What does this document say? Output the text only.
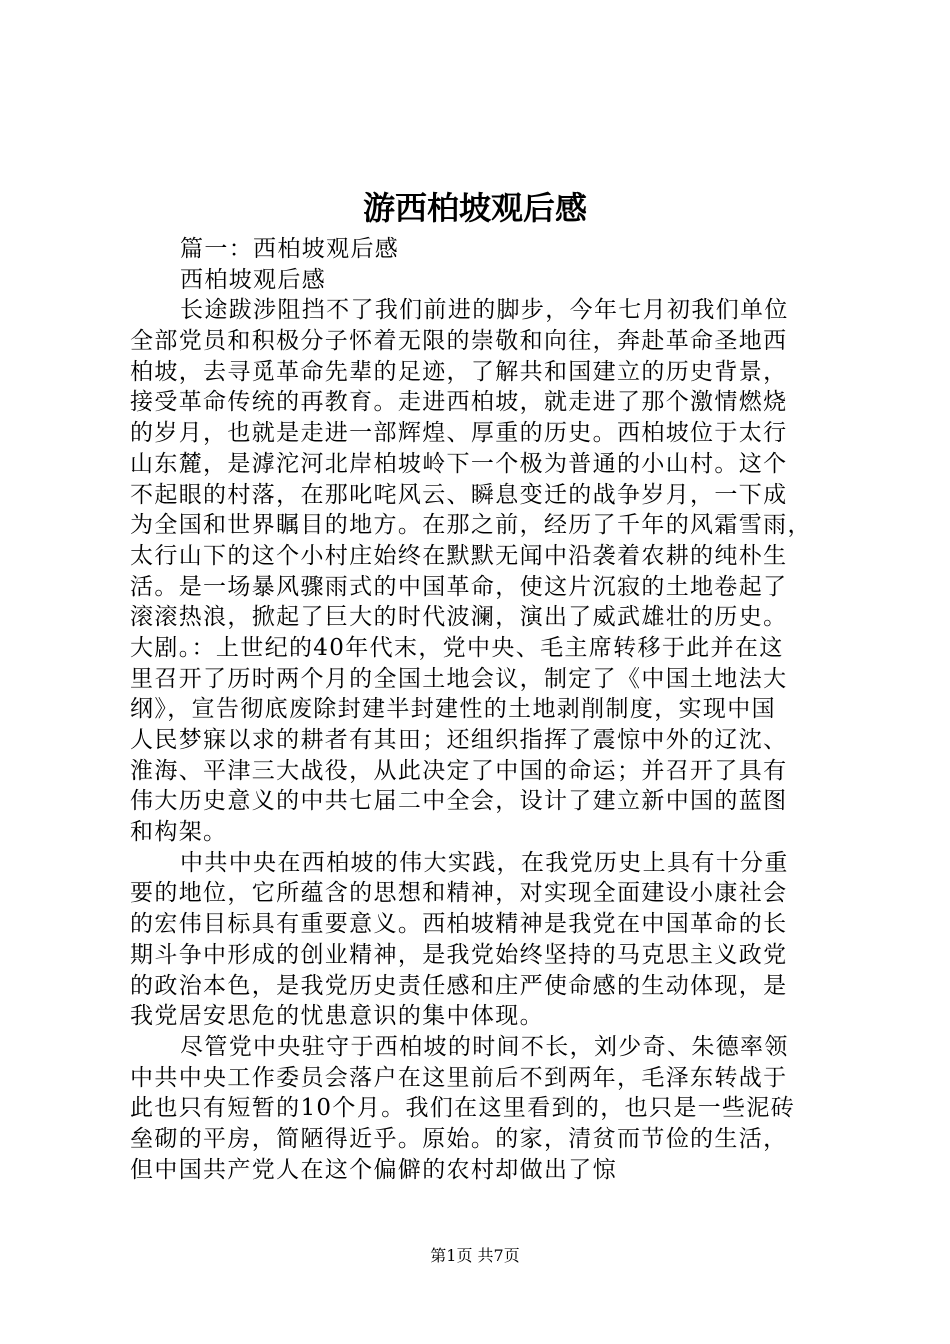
游西柏坡观后感
篇一：西柏坡观后感
西柏坡观后感
长途跋涉阻挡不了我们前进的脚步，今年七月初我们单位
全部党员和积极分子怀着无限的崇敬和向往，奔赴革命圣地西
柏坡，去寻觅革命先辈的足迹，了解共和国建立的历史背景，
接受革命传统的再教育。走进西柏坡，就走进了那个激情燃烧
的岁月，也就是走进一部辉煌、厚重的历史。西柏坡位于太行
山东麓，是滹沱河北岸柏坡岭下一个极为普通的小山村。这个
不起眼的村落，在那叱咤风云、瞬息变迁的战争岁月，一下成
为全国和世界瞩目的地方。在那之前，经历了千年的风霜雪雨，
太行山下的这个小村庄始终在默默无闻中沿袭着农耕的纯朴生
活。是一场暴风骤雨式的中国革命，使这片沉寂的土地卷起了
滚滚热浪，掀起了巨大的时代波澜，演出了威武雄壮的历史。
大剧。：上世纪的40年代末，党中央、毛主席转移于此并在这
里召开了历时两个月的全国土地会议，制定了《中国土地法大
纲》，宣告彻底废除封建半封建性的土地剥削制度，实现中国
人民梦寐以求的耕者有其田；还组织指挥了震惊中外的辽沈、
淮海、平津三大战役，从此决定了中国的命运；并召开了具有
伟大历史意义的中共七届二中全会，设计了建立新中国的蓝图
和构架。
中共中央在西柏坡的伟大实践，在我党历史上具有十分重
要的地位，它所蕴含的思想和精神，对实现全面建设小康社会
的宏伟目标具有重要意义。西柏坡精神是我党在中国革命的长
期斗争中形成的创业精神，是我党始终坚持的马克思主义政党
的政治本色，是我党历史责任感和庄严使命感的生动体现，是
我党居安思危的忧患意识的集中体现。
尽管党中央驻守于西柏坡的时间不长，刘少奇、朱德率领
中共中央工作委员会落户在这里前后不到两年，毛泽东转战于
此也只有短暂的10个月。我们在这里看到的，也只是一些泥砖
垒砌的平房，简陋得近乎。原始。的家，清贫而节俭的生活，
但中国共产党人在这个偏僻的农村却做出了惊
第1页 共7页
